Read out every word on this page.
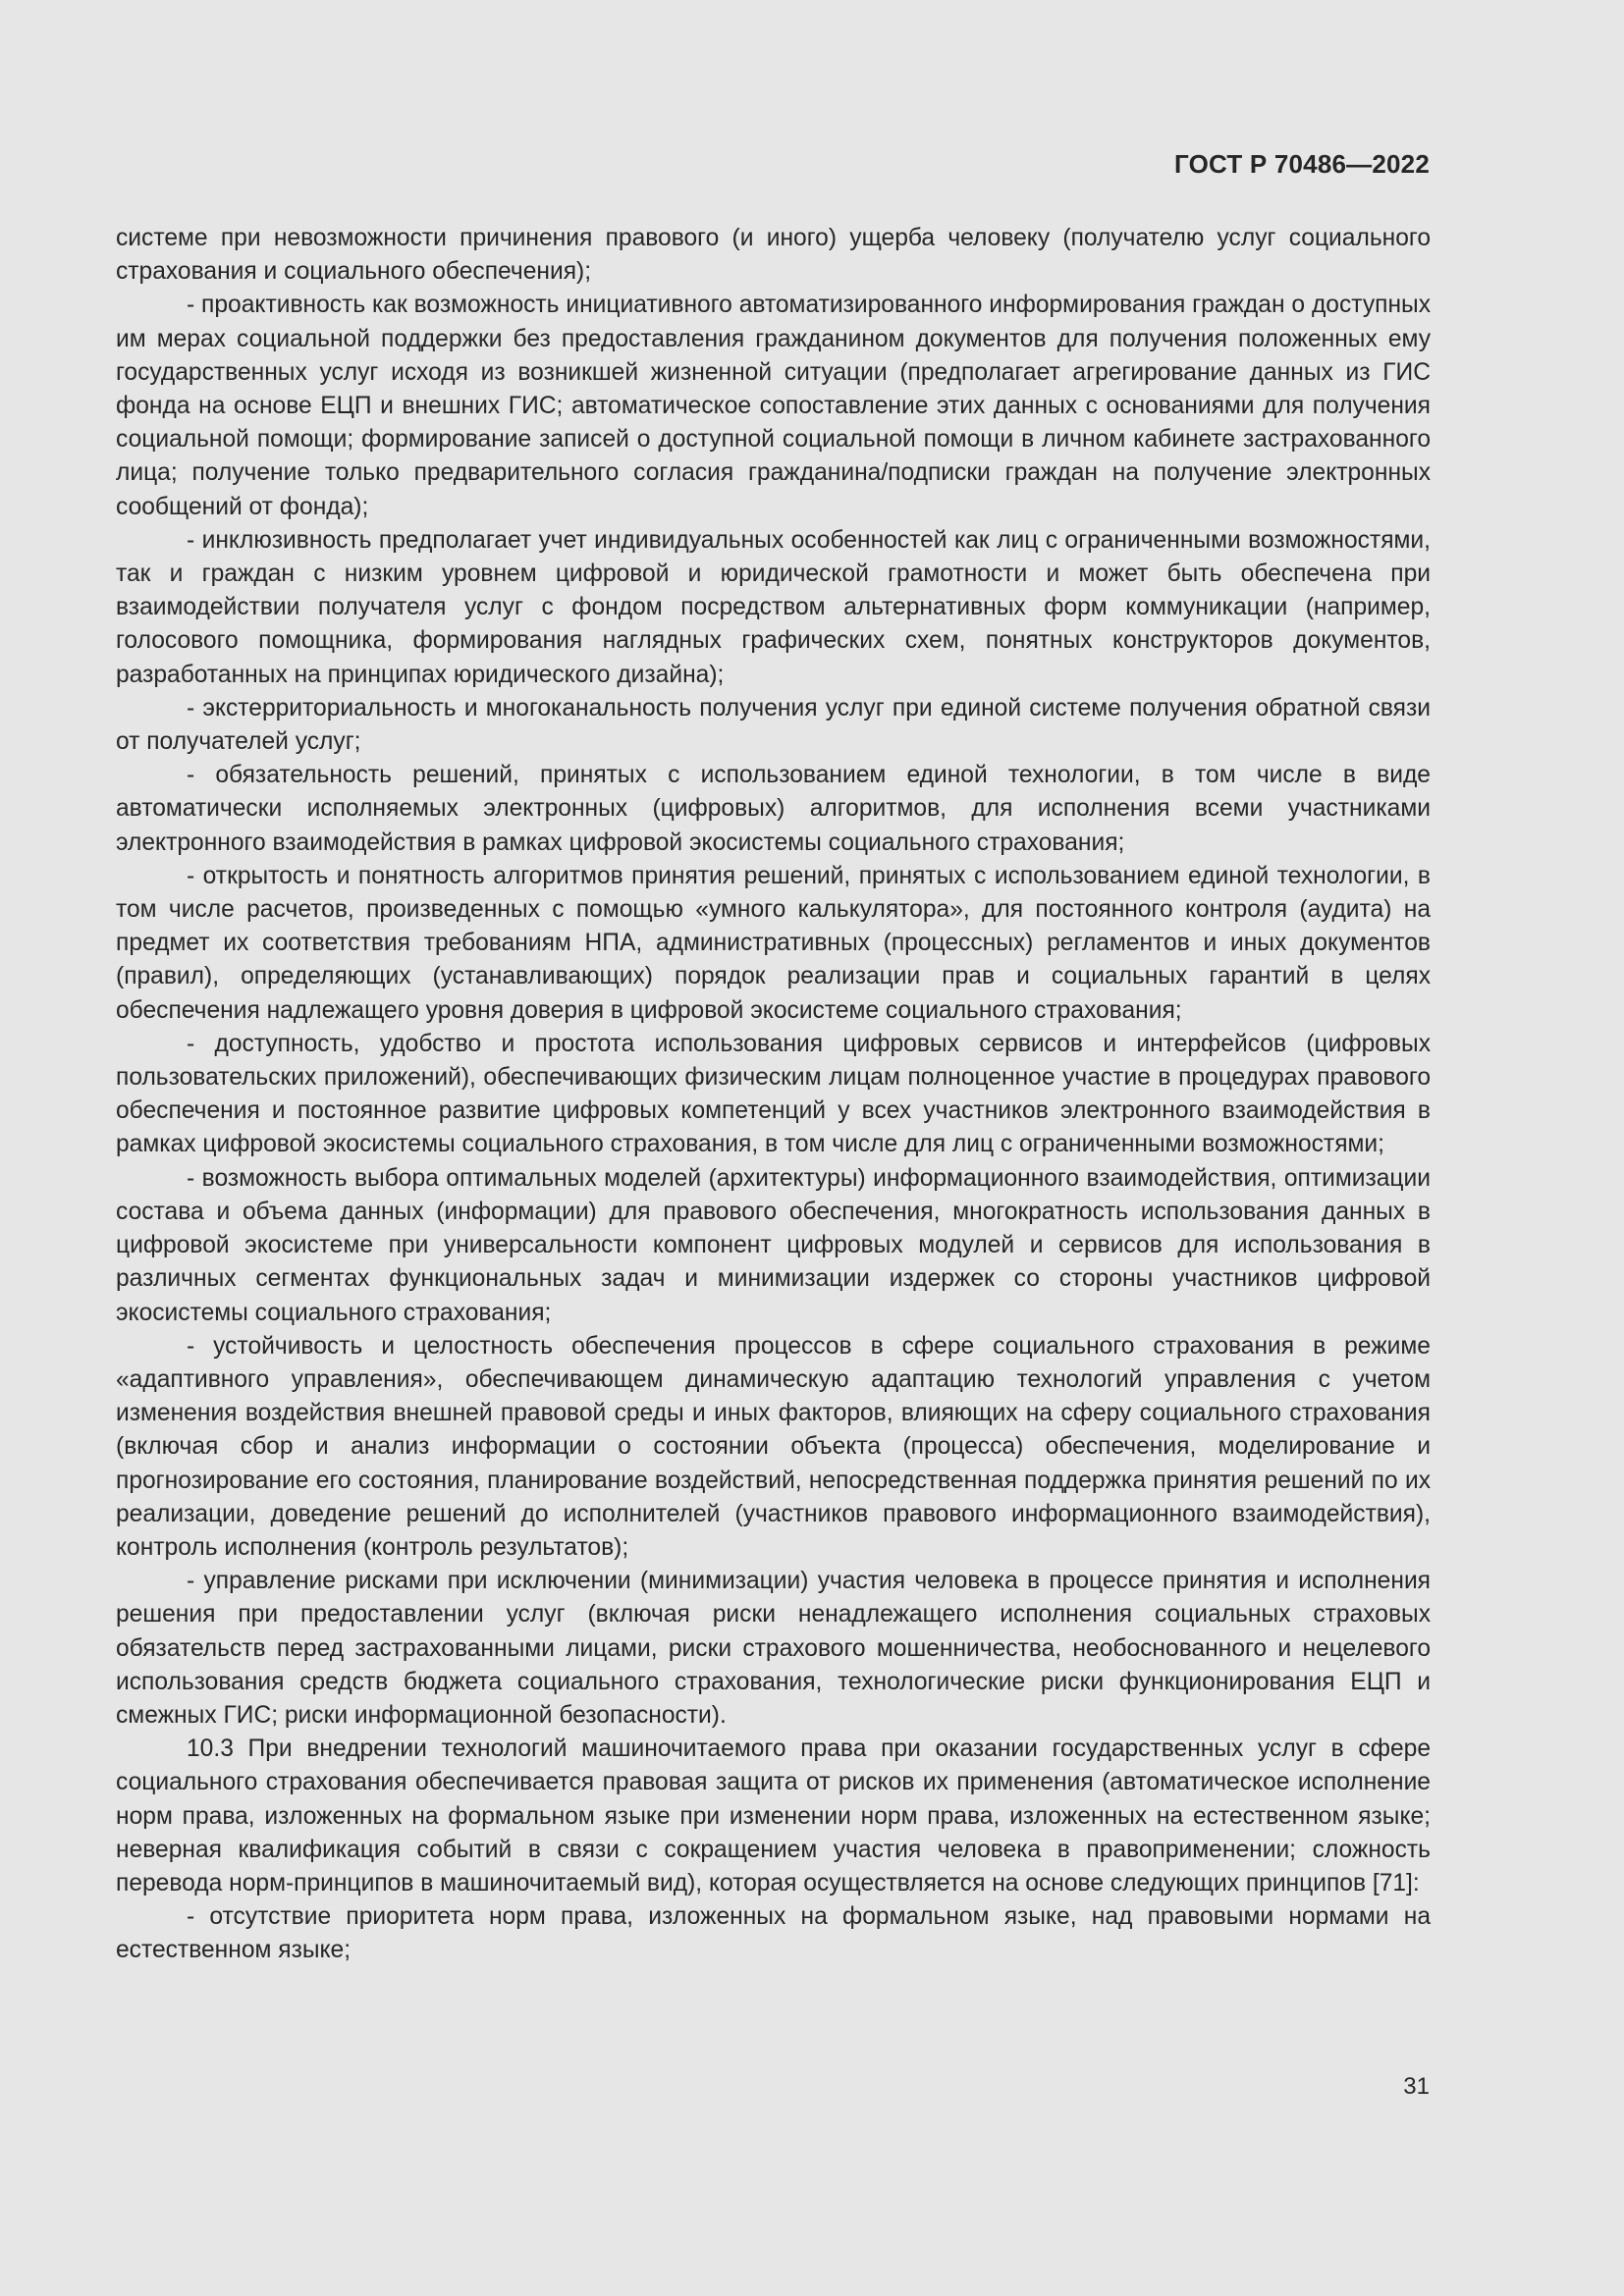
ГОСТ Р 70486—2022

системе при невозможности причинения правового (и иного) ущерба человеку (получателю услуг социального страхования и социального обеспечения);

- проактивность как возможность инициативного автоматизированного информирования граждан о доступных им мерах социальной поддержки без предоставления гражданином документов для получения положенных ему государственных услуг исходя из возникшей жизненной ситуации (предполагает агрегирование данных из ГИС фонда на основе ЕЦП и внешних ГИС; автоматическое сопоставление этих данных с основаниями для получения социальной помощи; формирование записей о доступной социальной помощи в личном кабинете застрахованного лица; получение только предварительного согласия гражданина/подписки граждан на получение электронных сообщений от фонда);

- инклюзивность предполагает учет индивидуальных особенностей как лиц с ограниченными возможностями, так и граждан с низким уровнем цифровой и юридической грамотности и может быть обеспечена при взаимодействии получателя услуг с фондом посредством альтернативных форм коммуникации (например, голосового помощника, формирования наглядных графических схем, понятных конструкторов документов, разработанных на принципах юридического дизайна);

- экстерриториальность и многоканальность получения услуг при единой системе получения обратной связи от получателей услуг;

- обязательность решений, принятых с использованием единой технологии, в том числе в виде автоматически исполняемых электронных (цифровых) алгоритмов, для исполнения всеми участниками электронного взаимодействия в рамках цифровой экосистемы социального страхования;

- открытость и понятность алгоритмов принятия решений, принятых с использованием единой технологии, в том числе расчетов, произведенных с помощью «умного калькулятора», для постоянного контроля (аудита) на предмет их соответствия требованиям НПА, административных (процессных) регламентов и иных документов (правил), определяющих (устанавливающих) порядок реализации прав и социальных гарантий в целях обеспечения надлежащего уровня доверия в цифровой экосистеме социального страхования;

- доступность, удобство и простота использования цифровых сервисов и интерфейсов (цифровых пользовательских приложений), обеспечивающих физическим лицам полноценное участие в процедурах правового обеспечения и постоянное развитие цифровых компетенций у всех участников электронного взаимодействия в рамках цифровой экосистемы социального страхования, в том числе для лиц с ограниченными возможностями;

- возможность выбора оптимальных моделей (архитектуры) информационного взаимодействия, оптимизации состава и объема данных (информации) для правового обеспечения, многократность использования данных в цифровой экосистеме при универсальности компонент цифровых модулей и сервисов для использования в различных сегментах функциональных задач и минимизации издержек со стороны участников цифровой экосистемы социального страхования;

- устойчивость и целостность обеспечения процессов в сфере социального страхования в режиме «адаптивного управления», обеспечивающем динамическую адаптацию технологий управления с учетом изменения воздействия внешней правовой среды и иных факторов, влияющих на сферу социального страхования (включая сбор и анализ информации о состоянии объекта (процесса) обеспечения, моделирование и прогнозирование его состояния, планирование воздействий, непосредственная поддержка принятия решений по их реализации, доведение решений до исполнителей (участников правового информационного взаимодействия), контроль исполнения (контроль результатов);

- управление рисками при исключении (минимизации) участия человека в процессе принятия и исполнения решения при предоставлении услуг (включая риски ненадлежащего исполнения социальных страховых обязательств перед застрахованными лицами, риски страхового мошенничества, необоснованного и нецелевого использования средств бюджета социального страхования, технологические риски функционирования ЕЦП и смежных ГИС; риски информационной безопасности).

10.3 При внедрении технологий машиночитаемого права при оказании государственных услуг в сфере социального страхования обеспечивается правовая защита от рисков их применения (автоматическое исполнение норм права, изложенных на формальном языке при изменении норм права, изложенных на естественном языке; неверная квалификация событий в связи с сокращением участия человека в правоприменении; сложность перевода норм-принципов в машиночитаемый вид), которая осуществляется на основе следующих принципов [71]:

- отсутствие приоритета норм права, изложенных на формальном языке, над правовыми нормами на естественном языке;

31
